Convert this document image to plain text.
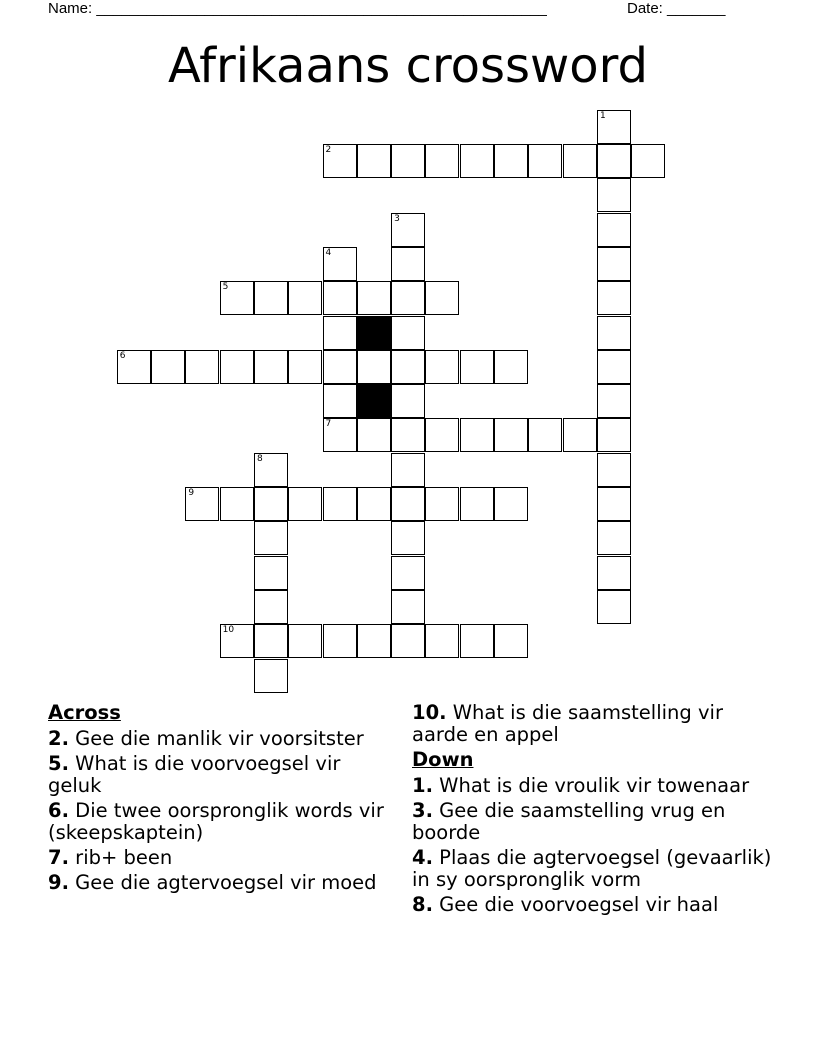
Name: ______________________________________________________	Date: _______
Afrikaans crossword
1
2
3
4
7
5
6
8
9
10
Across
2. Gee die manlik vir voorsitster
5. What is die voorvoegsel vir geluk
6. Die twee oorspronglik words vir (skeepskaptein)
7. rib+ been
9. Gee die agtervoegsel vir moed
10. What is die saamstelling vir aarde en appel
Down
1. What is die vroulik vir towenaar
3. Gee die saamstelling vrug en boorde
4. Plaas die agtervoegsel (gevaarlik) in sy oorspronglik vorm
8. Gee die voorvoegsel vir haal
